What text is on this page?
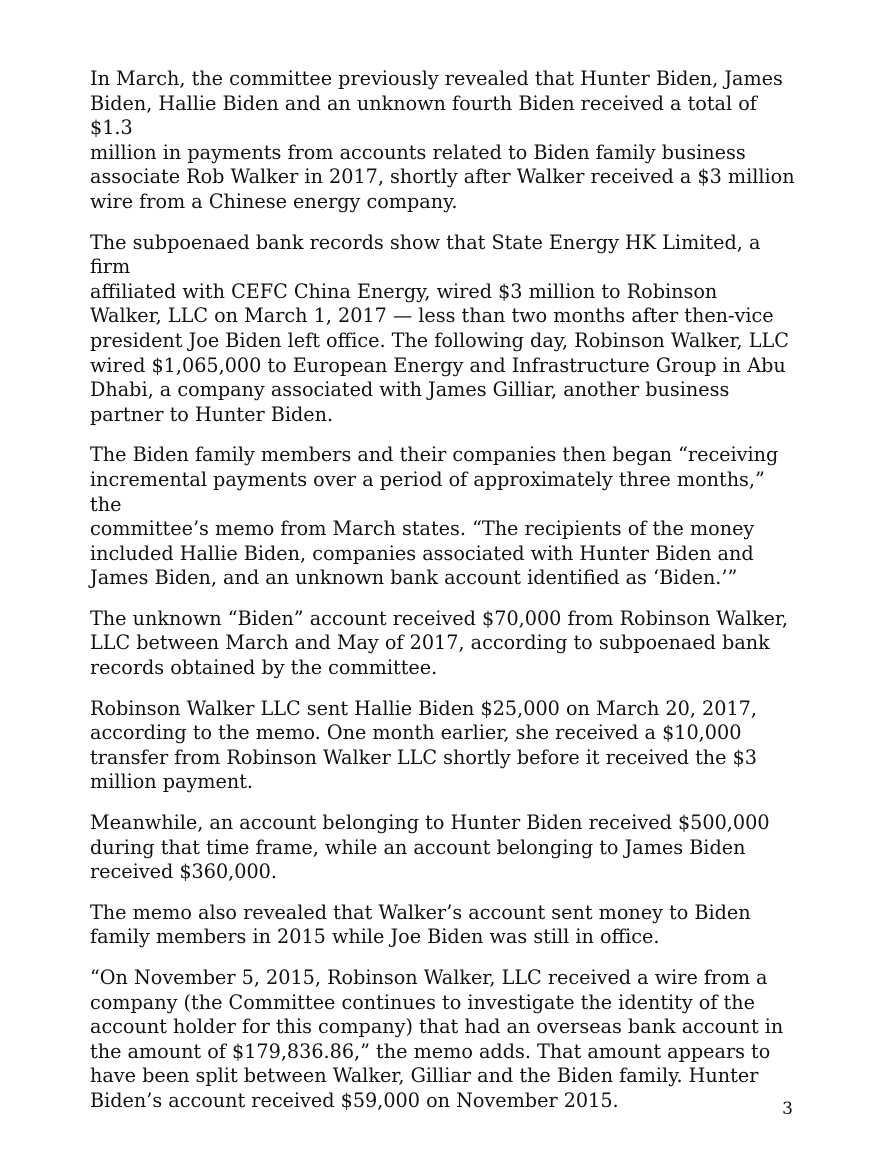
In March, the committee previously revealed that Hunter Biden, James
Biden, Hallie Biden and an unknown fourth Biden received a total of $1.3
million in payments from accounts related to Biden family business
associate Rob Walker in 2017, shortly after Walker received a $3 million
wire from a Chinese energy company.

The subpoenaed bank records show that State Energy HK Limited, a firm
affiliated with CEFC China Energy, wired $3 million to Robinson
Walker, LLC on March 1, 2017 — less than two months after then-vice
president Joe Biden left office. The following day, Robinson Walker, LLC
wired $1,065,000 to European Energy and Infrastructure Group in Abu
Dhabi, a company associated with James Gilliar, another business
partner to Hunter Biden.

The Biden family members and their companies then began “receiving
incremental payments over a period of approximately three months,” the
committee’s memo from March states. “The recipients of the money
included Hallie Biden, companies associated with Hunter Biden and
James Biden, and an unknown bank account identified as ‘Biden.’”

The unknown “Biden” account received $70,000 from Robinson Walker,
LLC between March and May of 2017, according to subpoenaed bank
records obtained by the committee.

Robinson Walker LLC sent Hallie Biden $25,000 on March 20, 2017,
according to the memo. One month earlier, she received a $10,000
transfer from Robinson Walker LLC shortly before it received the $3
million payment.

Meanwhile, an account belonging to Hunter Biden received $500,000
during that time frame, while an account belonging to James Biden
received $360,000.

The memo also revealed that Walker’s account sent money to Biden
family members in 2015 while Joe Biden was still in office.

“On November 5, 2015, Robinson Walker, LLC received a wire from a
company (the Committee continues to investigate the identity of the
account holder for this company) that had an overseas bank account in
the amount of $179,836.86,” the memo adds. That amount appears to
have been split between Walker, Gilliar and the Biden family. Hunter
Biden’s account received $59,000 on November 2015.	3
